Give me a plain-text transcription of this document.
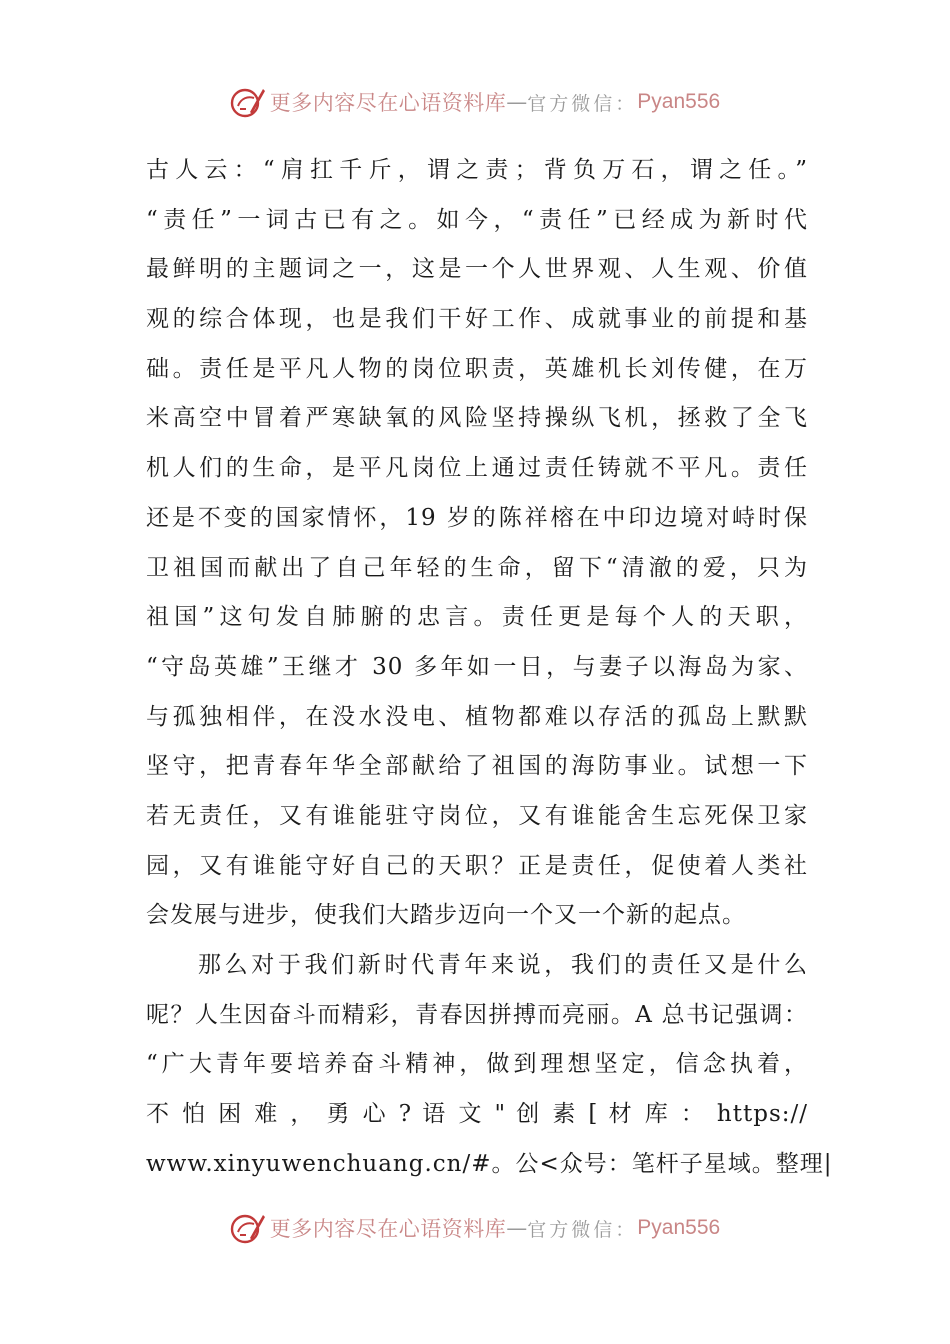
更多内容尽在心语资料库 — 官方微信： Pyan556
古人云：“肩扛千斤，谓之责；背负万石，谓之任。”
“责任”一词古已有之。如今，“责任”已经成为新时代
最鲜明的主题词之一，这是一个人世界观、人生观、价值
观的综合体现，也是我们干好工作、成就事业的前提和基
础。责任是平凡人物的岗位职责，英雄机长刘传健，在万
米高空中冒着严寒缺氧的风险坚持操纵飞机，拯救了全飞
机人们的生命，是平凡岗位上通过责任铸就不平凡。责任
还是不变的国家情怀，19 岁的陈祥榕在中印边境对峙时保
卫祖国而献出了自己年轻的生命，留下“清澈的爱，只为
祖国”这句发自肺腑的忠言。责任更是每个人的天职，
“守岛英雄”王继才 30 多年如一日，与妻子以海岛为家、
与孤独相伴，在没水没电、植物都难以存活的孤岛上默默
坚守，把青春年华全部献给了祖国的海防事业。试想一下
若无责任，又有谁能驻守岗位，又有谁能舍生忘死保卫家
园，又有谁能守好自己的天职？正是责任，促使着人类社
会发展与进步，使我们大踏步迈向一个又一个新的起点。
那么对于我们新时代青年来说，我们的责任又是什么
呢？人生因奋斗而精彩，青春因拼搏而亮丽。A 总书记强调：
“广大青年要培养奋斗精神，做到理想坚定，信念执着，
不 怕 困 难 ， 勇 心 ? 语 文 " 创 素 [ 材 库 ： https://
www.xinyuwenchuang.cn/#。公<众号：笔杆子星域。整理|
更多内容尽在心语资料库 — 官方微信： Pyan556
